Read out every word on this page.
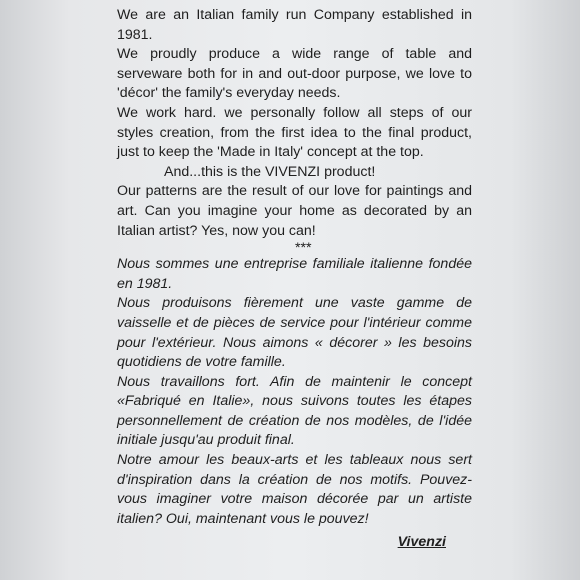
We are an Italian family run Company established in 1981.

We proudly produce a wide range of table and serveware both for in and out-door purpose, we love to 'décor' the family's everyday needs.

We work hard. we personally follow all steps of our styles creation, from the first idea to the final product, just to keep the 'Made in Italy' concept at the top.

And...this is the VIVENZI product!

Our patterns are the result of our love for paintings and art. Can you imagine your home as decorated by an Italian artist? Yes, now you can!

***

Nous sommes une entreprise familiale italienne fondée en 1981.

Nous produisons fièrement une vaste gamme de vaisselle et de pièces de service pour l'intérieur comme pour l'extérieur. Nous aimons « décorer » les besoins quotidiens de votre famille.

Nous travaillons fort. Afin de maintenir le concept «Fabriqué en Italie», nous suivons toutes les étapes personnellement de création de nos modèles, de l'idée initiale jusqu'au produit final.

Notre amour les beaux-arts et les tableaux nous sert d'inspiration dans la création de nos motifs. Pouvez-vous imaginer votre maison décorée par un artiste italien? Oui, maintenant vous le pouvez!

Vivenzi
